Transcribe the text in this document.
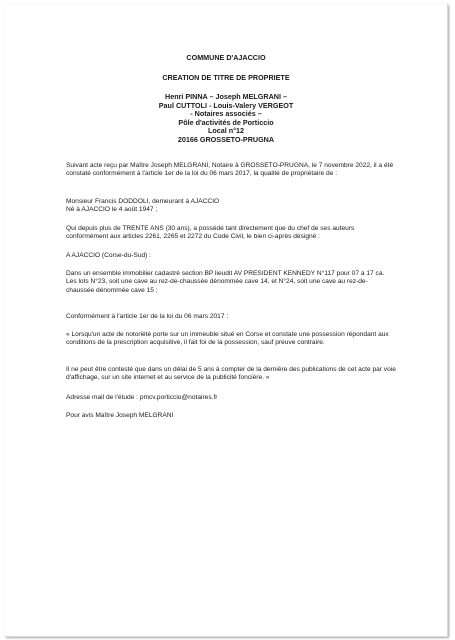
COMMUNE D'AJACCIO
CREATION DE TITRE DE PROPRIETE
Henri PINNA – Joseph MELGRANI –
Paul CUTTOLI - Louis-Valery VERGEOT
- Notaires associés –
Pôle d'activités de Porticcio
Local n°12
20166 GROSSETO-PRUGNA

Suivant acte reçu par Maître Joseph MELGRANI, Notaire à GROSSETO-PRUGNA, le 7 novembre 2022, il a été constaté conformément à l'article 1er de la loi du 06 mars 2017, la qualité de propriétaire de :

Monsieur Francis DODDOLI, demeurant à AJACCIO

Né à AJACCIO le 4 août 1947 ;

Qui depuis plus de TRENTE ANS (30 ans), a possédé tant directement que du chef de ses auteurs conformément aux articles 2261, 2265 et 2272 du Code Civil, le bien ci-après désigné :

A AJACCIO (Corse-du-Sud) :

Dans un ensemble immobilier cadastré section BP lieudit AV PRESIDENT KENNEDY N°117 pour 07 a 17 ca.

Les lots N°23, soit une cave au rez-de-chaussée dénommée cave 14, et N°24, soit une cave au rez-de-chaussée dénommée cave 15 ;

Conformément à l'article 1er de la loi du 06 mars 2017 :

« Lorsqu'un acte de notoriété porte sur un immeuble situé en Corse et constate une possession répondant aux conditions de la prescription acquisitive, il fait foi de la possession, sauf preuve contraire.

Il ne peut être contesté que dans un délai de 5 ans à compter de la dernière des publications de cet acte par voie d'affichage, sur un site internet et au service de la publicité foncière. »

Adresse mail de l'étude : pmcv.porticcio@notaires.fr

Pour avis Maître Joseph MELGRANI
